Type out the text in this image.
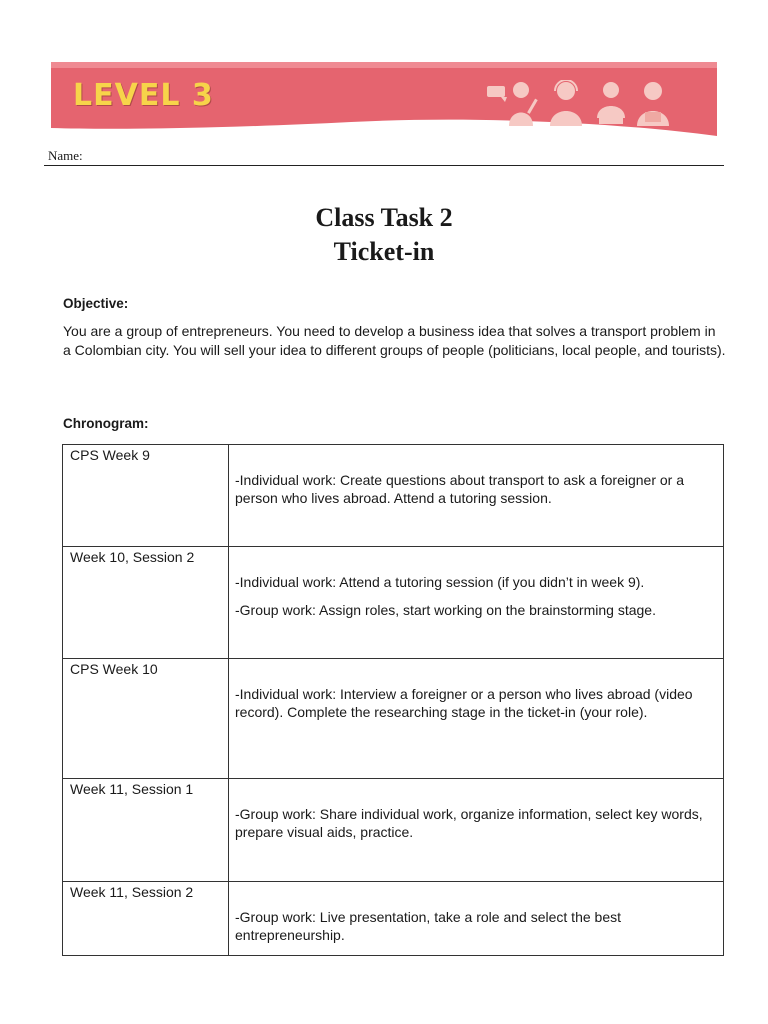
LEVEL 3
Name:
Class Task 2
Ticket-in
Objective:
You are a group of entrepreneurs. You need to develop a business idea that solves a transport problem in a Colombian city. You will sell your idea to different groups of people (politicians, local people, and tourists).
Chronogram:
CPS Week 9	-Individual work: Create questions about transport to ask a foreigner or a person who lives abroad. Attend a tutoring session.

Week 10, Session 2	-Individual work: Attend a tutoring session (if you didn’t in week 9).

-Group work: Assign roles, start working on the brainstorming stage.

CPS Week 10	-Individual work: Interview a foreigner or a person who lives abroad (video record). Complete the researching stage in the ticket-in (your role).

Week 11, Session 1	-Group work: Share individual work, organize information, select key words, prepare visual aids, practice.

Week 11, Session 2	-Group work: Live presentation, take a role and select the best entrepreneurship.
